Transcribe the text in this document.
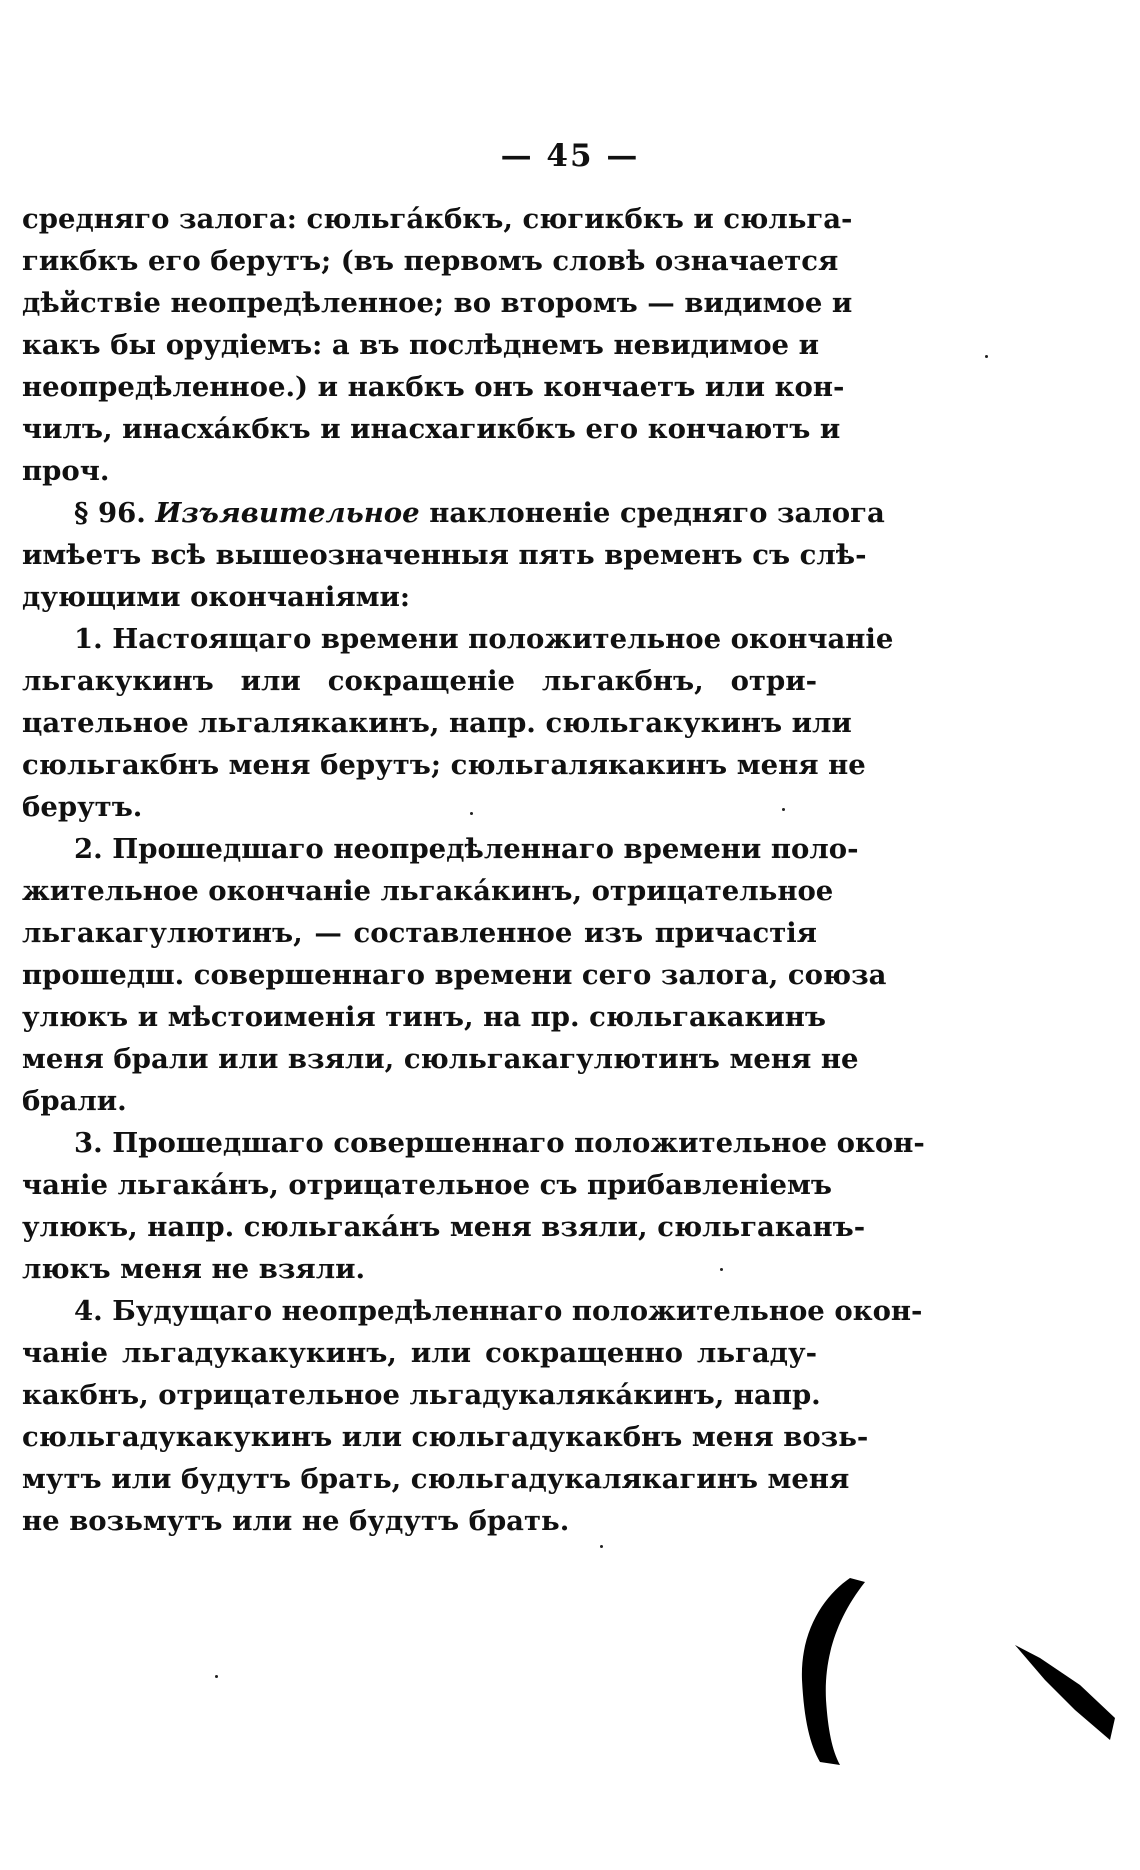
— 45 —
средняго залога: сюльгáкбкъ, сюгикбкъ и сюльга-
гикбкъ его берутъ; (въ первомъ словѣ означается
дѣйствіе неопредѣленное; во второмъ — видимое и
какъ бы орудіемъ: а въ послѣднемъ невидимое и
неопредѣленное.) и накбкъ онъ кончаетъ или кон-
чилъ, инасхáкбкъ и инасхагикбкъ его кончаютъ и
проч.
§ 96. Изъявительное наклоненіе средняго залога
имѣетъ всѣ вышеозначенныя пять временъ съ слѣ-
дующими окончаніями:
1. Настоящаго времени положительное окончаніе
льгакукинъ или сокращеніе льгакбнъ, отри-
цательное льгалякакинъ, напр. сюльгакукинъ или
сюльгакбнъ меня берутъ; сюльгалякакинъ меня не
берутъ.
2. Прошедшаго неопредѣленнаго времени поло-
жительное окончаніе льгакáкинъ, отрицательное
льгакагулютинъ, — составленное изъ причастія
прошедш. совершеннаго времени сего залога, союза
улюкъ и мѣстоименія тинъ, на пр. сюльгакакинъ
меня брали или взяли, сюльгакагулютинъ меня не
брали.
3. Прошедшаго совершеннаго положительное окон-
чаніе льгакáнъ, отрицательное съ прибавленіемъ
улюкъ, напр. сюльгакáнъ меня взяли, сюльгаканъ-
люкъ меня не взяли.
4. Будущаго неопредѣленнаго положительное окон-
чаніе льгадукакукинъ, или сокращенно льгаду-
какбнъ, отрицательное льгадукалякáкинъ, напр.
сюльгадукакукинъ или сюльгадукакбнъ меня возь-
мутъ или будутъ брать, сюльгадукалякагинъ меня
не возьмутъ или не будутъ брать.
